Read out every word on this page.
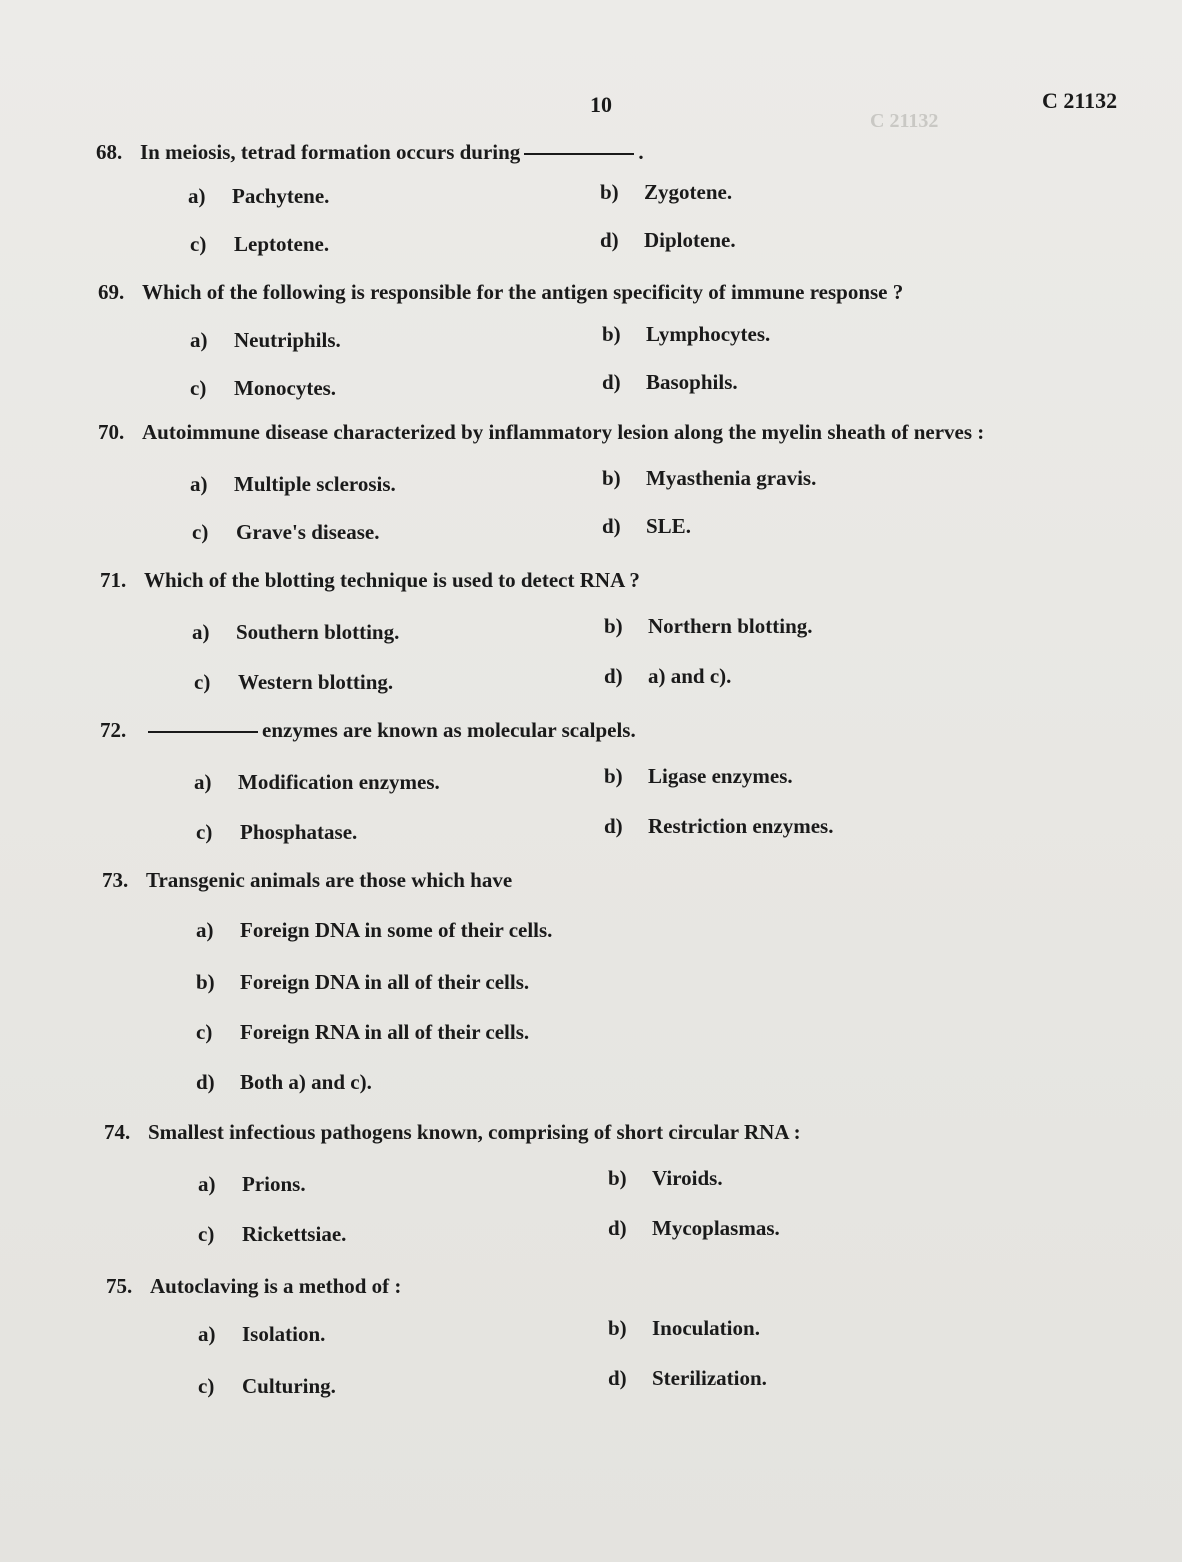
C 21132
10	C 21132
68. In meiosis, tetrad formation occurs during	.
a) Pachytene.	b) Zygotene.
c) Leptotene.	d) Diplotene.
69. Which of the following is responsible for the antigen specificity of immune response ?
a) Neutriphils.	b) Lymphocytes.
c) Monocytes.	d) Basophils.
70. Autoimmune disease characterized by inflammatory lesion along the myelin sheath of nerves :
a) Multiple sclerosis.	b) Myasthenia gravis.
c) Grave's disease.	d) SLE.
71. Which of the blotting technique is used to detect RNA ?
a) Southern blotting.	b) Northern blotting.
c) Western blotting.	d) a) and c).
72.	enzymes are known as molecular scalpels.
a) Modification enzymes.	b) Ligase enzymes.
c) Phosphatase.	d) Restriction enzymes.
73. Transgenic animals are those which have
a) Foreign DNA in some of their cells.
b) Foreign DNA in all of their cells.
c) Foreign RNA in all of their cells.
d) Both a) and c).
74. Smallest infectious pathogens known, comprising of short circular RNA :
a) Prions.	b) Viroids.
c) Rickettsiae.	d) Mycoplasmas.
75. Autoclaving is a method of :
a) Isolation.	b) Inoculation.
c) Culturing.	d) Sterilization.
